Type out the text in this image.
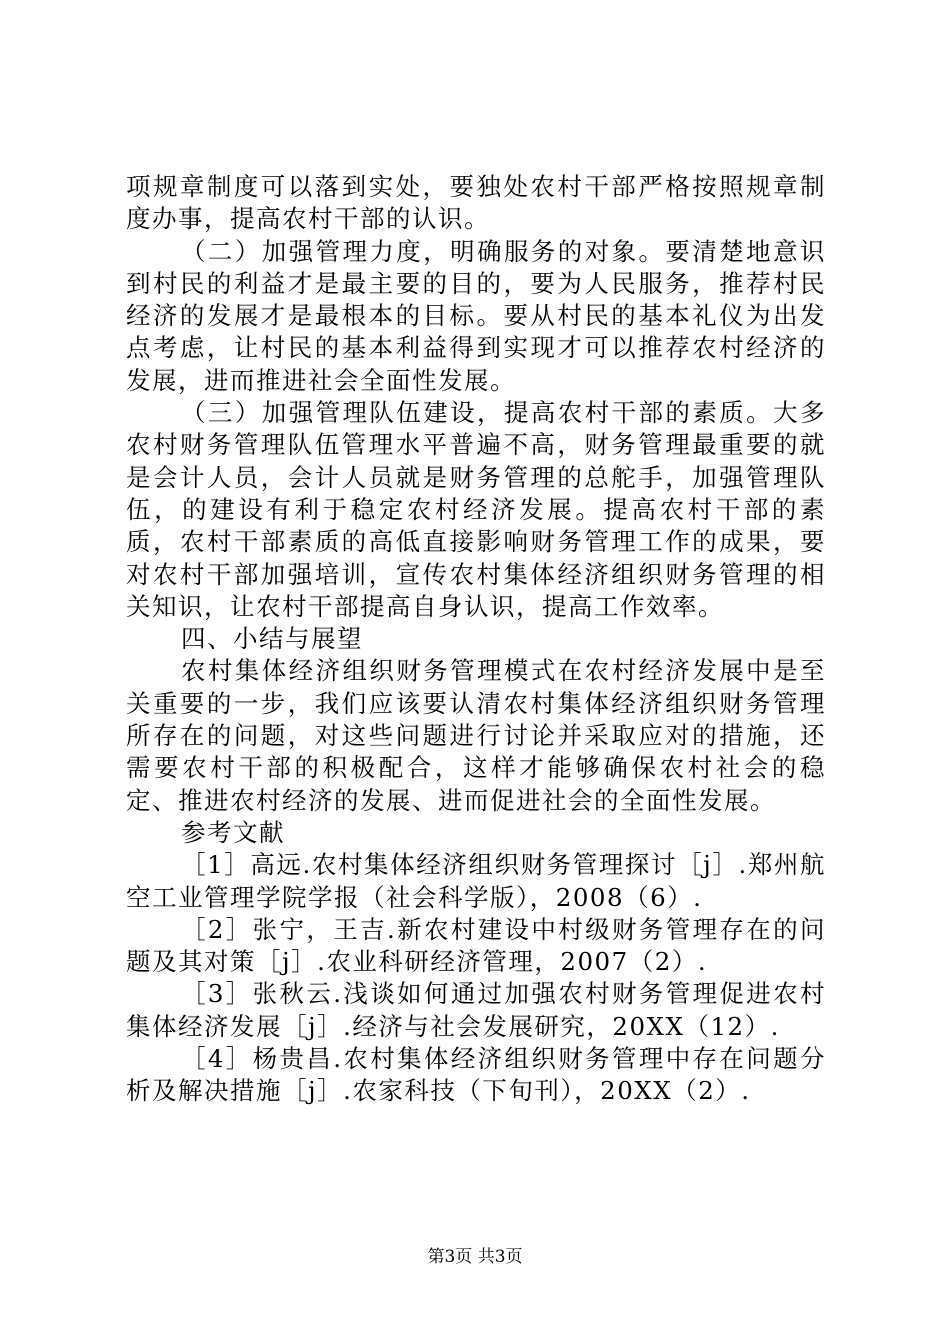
项规章制度可以落到实处，要独处农村干部严格按照规章制度办事，提高农村干部的认识。

（二）加强管理力度，明确服务的对象。要清楚地意识到村民的利益才是最主要的目的，要为人民服务，推荐村民经济的发展才是最根本的目标。要从村民的基本礼仪为出发点考虑，让村民的基本利益得到实现才可以推荐农村经济的发展，进而推进社会全面性发展。

（三）加强管理队伍建设，提高农村干部的素质。大多农村财务管理队伍管理水平普遍不高，财务管理最重要的就是会计人员，会计人员就是财务管理的总舵手，加强管理队伍，的建设有利于稳定农村经济发展。提高农村干部的素质，农村干部素质的高低直接影响财务管理工作的成果，要对农村干部加强培训，宣传农村集体经济组织财务管理的相关知识，让农村干部提高自身认识，提高工作效率。

四、小结与展望

农村集体经济组织财务管理模式在农村经济发展中是至关重要的一步，我们应该要认清农村集体经济组织财务管理所存在的问题，对这些问题进行讨论并采取应对的措施，还需要农村干部的积极配合，这样才能够确保农村社会的稳定、推进农村经济的发展、进而促进社会的全面性发展。

参考文献

［1］高远.农村集体经济组织财务管理探讨［j］.郑州航空工业管理学院学报（社会科学版），2008（6）.

［2］张宁，王吉.新农村建设中村级财务管理存在的问题及其对策［j］.农业科研经济管理，2007（2）.

［3］张秋云.浅谈如何通过加强农村财务管理促进农村集体经济发展［j］.经济与社会发展研究，20XX（12）.

［4］杨贵昌.农村集体经济组织财务管理中存在问题分析及解决措施［j］.农家科技（下旬刊），20XX（2）.

第3页 共3页
